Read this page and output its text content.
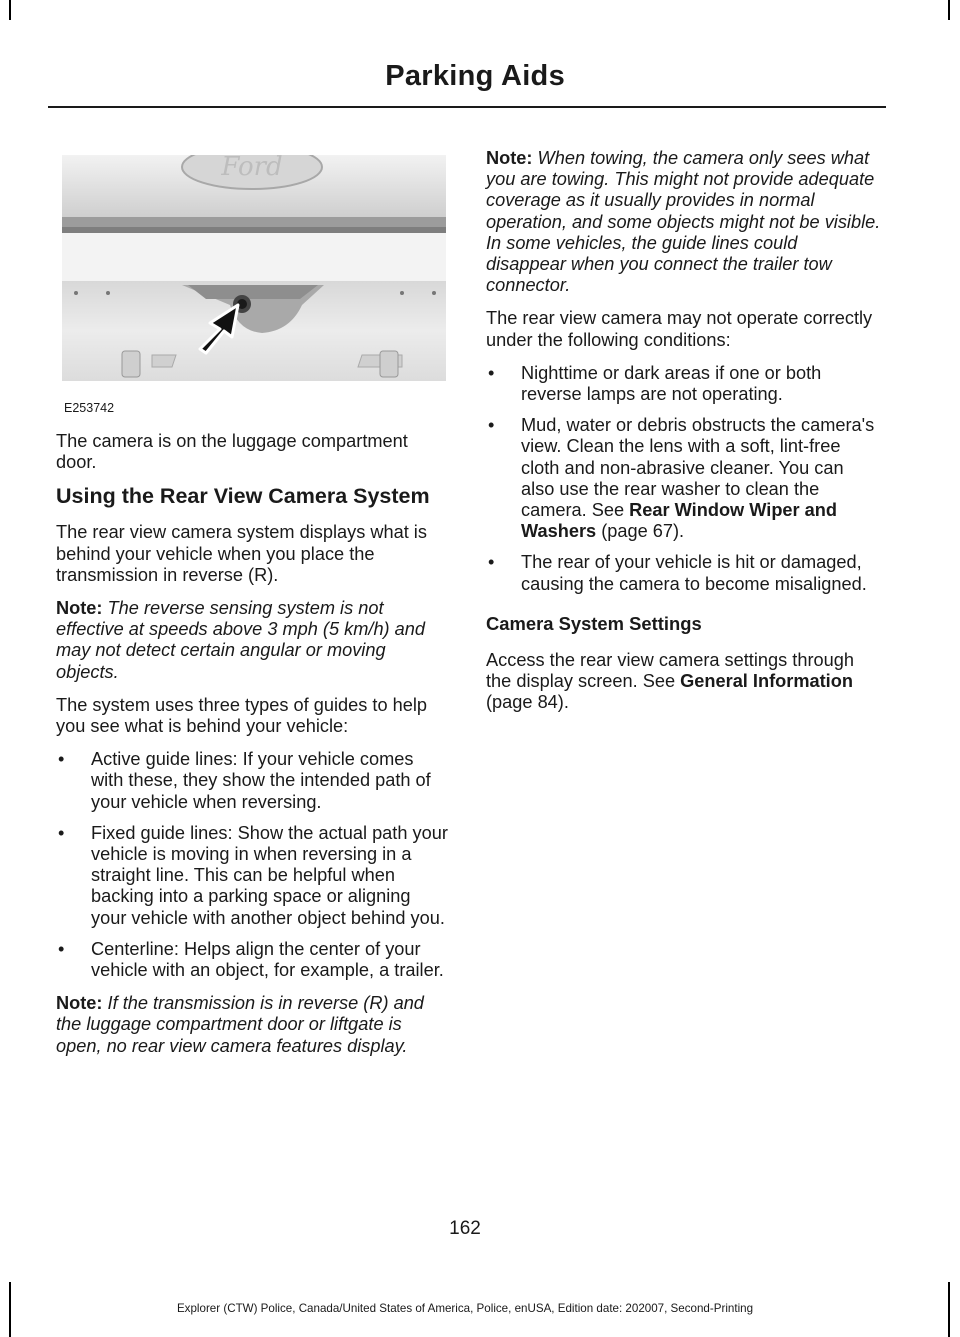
Parking Aids
Ford
E253742

The camera is on the luggage compartment door.

Using the Rear View Camera System

The rear view camera system displays what is behind your vehicle when you place the transmission in reverse (R).

Note: The reverse sensing system is not effective at speeds above 3 mph (5 km/h) and may not detect certain angular or moving objects.

The system uses three types of guides to help you see what is behind your vehicle:

• Active guide lines: If your vehicle comes with these, they show the intended path of your vehicle when reversing.
• Fixed guide lines: Show the actual path your vehicle is moving in when reversing in a straight line. This can be helpful when backing into a parking space or aligning your vehicle with another object behind you.
• Centerline: Helps align the center of your vehicle with an object, for example, a trailer.

Note: If the transmission is in reverse (R) and the luggage compartment door or liftgate is open, no rear view camera features display.

Note: When towing, the camera only sees what you are towing. This might not provide adequate coverage as it usually provides in normal operation, and some objects might not be visible. In some vehicles, the guide lines could disappear when you connect the trailer tow connector.

The rear view camera may not operate correctly under the following conditions:

• Nighttime or dark areas if one or both reverse lamps are not operating.
• Mud, water or debris obstructs the camera's view. Clean the lens with a soft, lint-free cloth and non-abrasive cleaner. You can also use the rear washer to clean the camera. See Rear Window Wiper and Washers (page 67).
• The rear of your vehicle is hit or damaged, causing the camera to become misaligned.
Camera System Settings

Access the rear view camera settings through the display screen. See General Information (page 84).

162
Explorer (CTW) Police, Canada/United States of America, Police, enUSA, Edition date: 202007, Second-Printing
